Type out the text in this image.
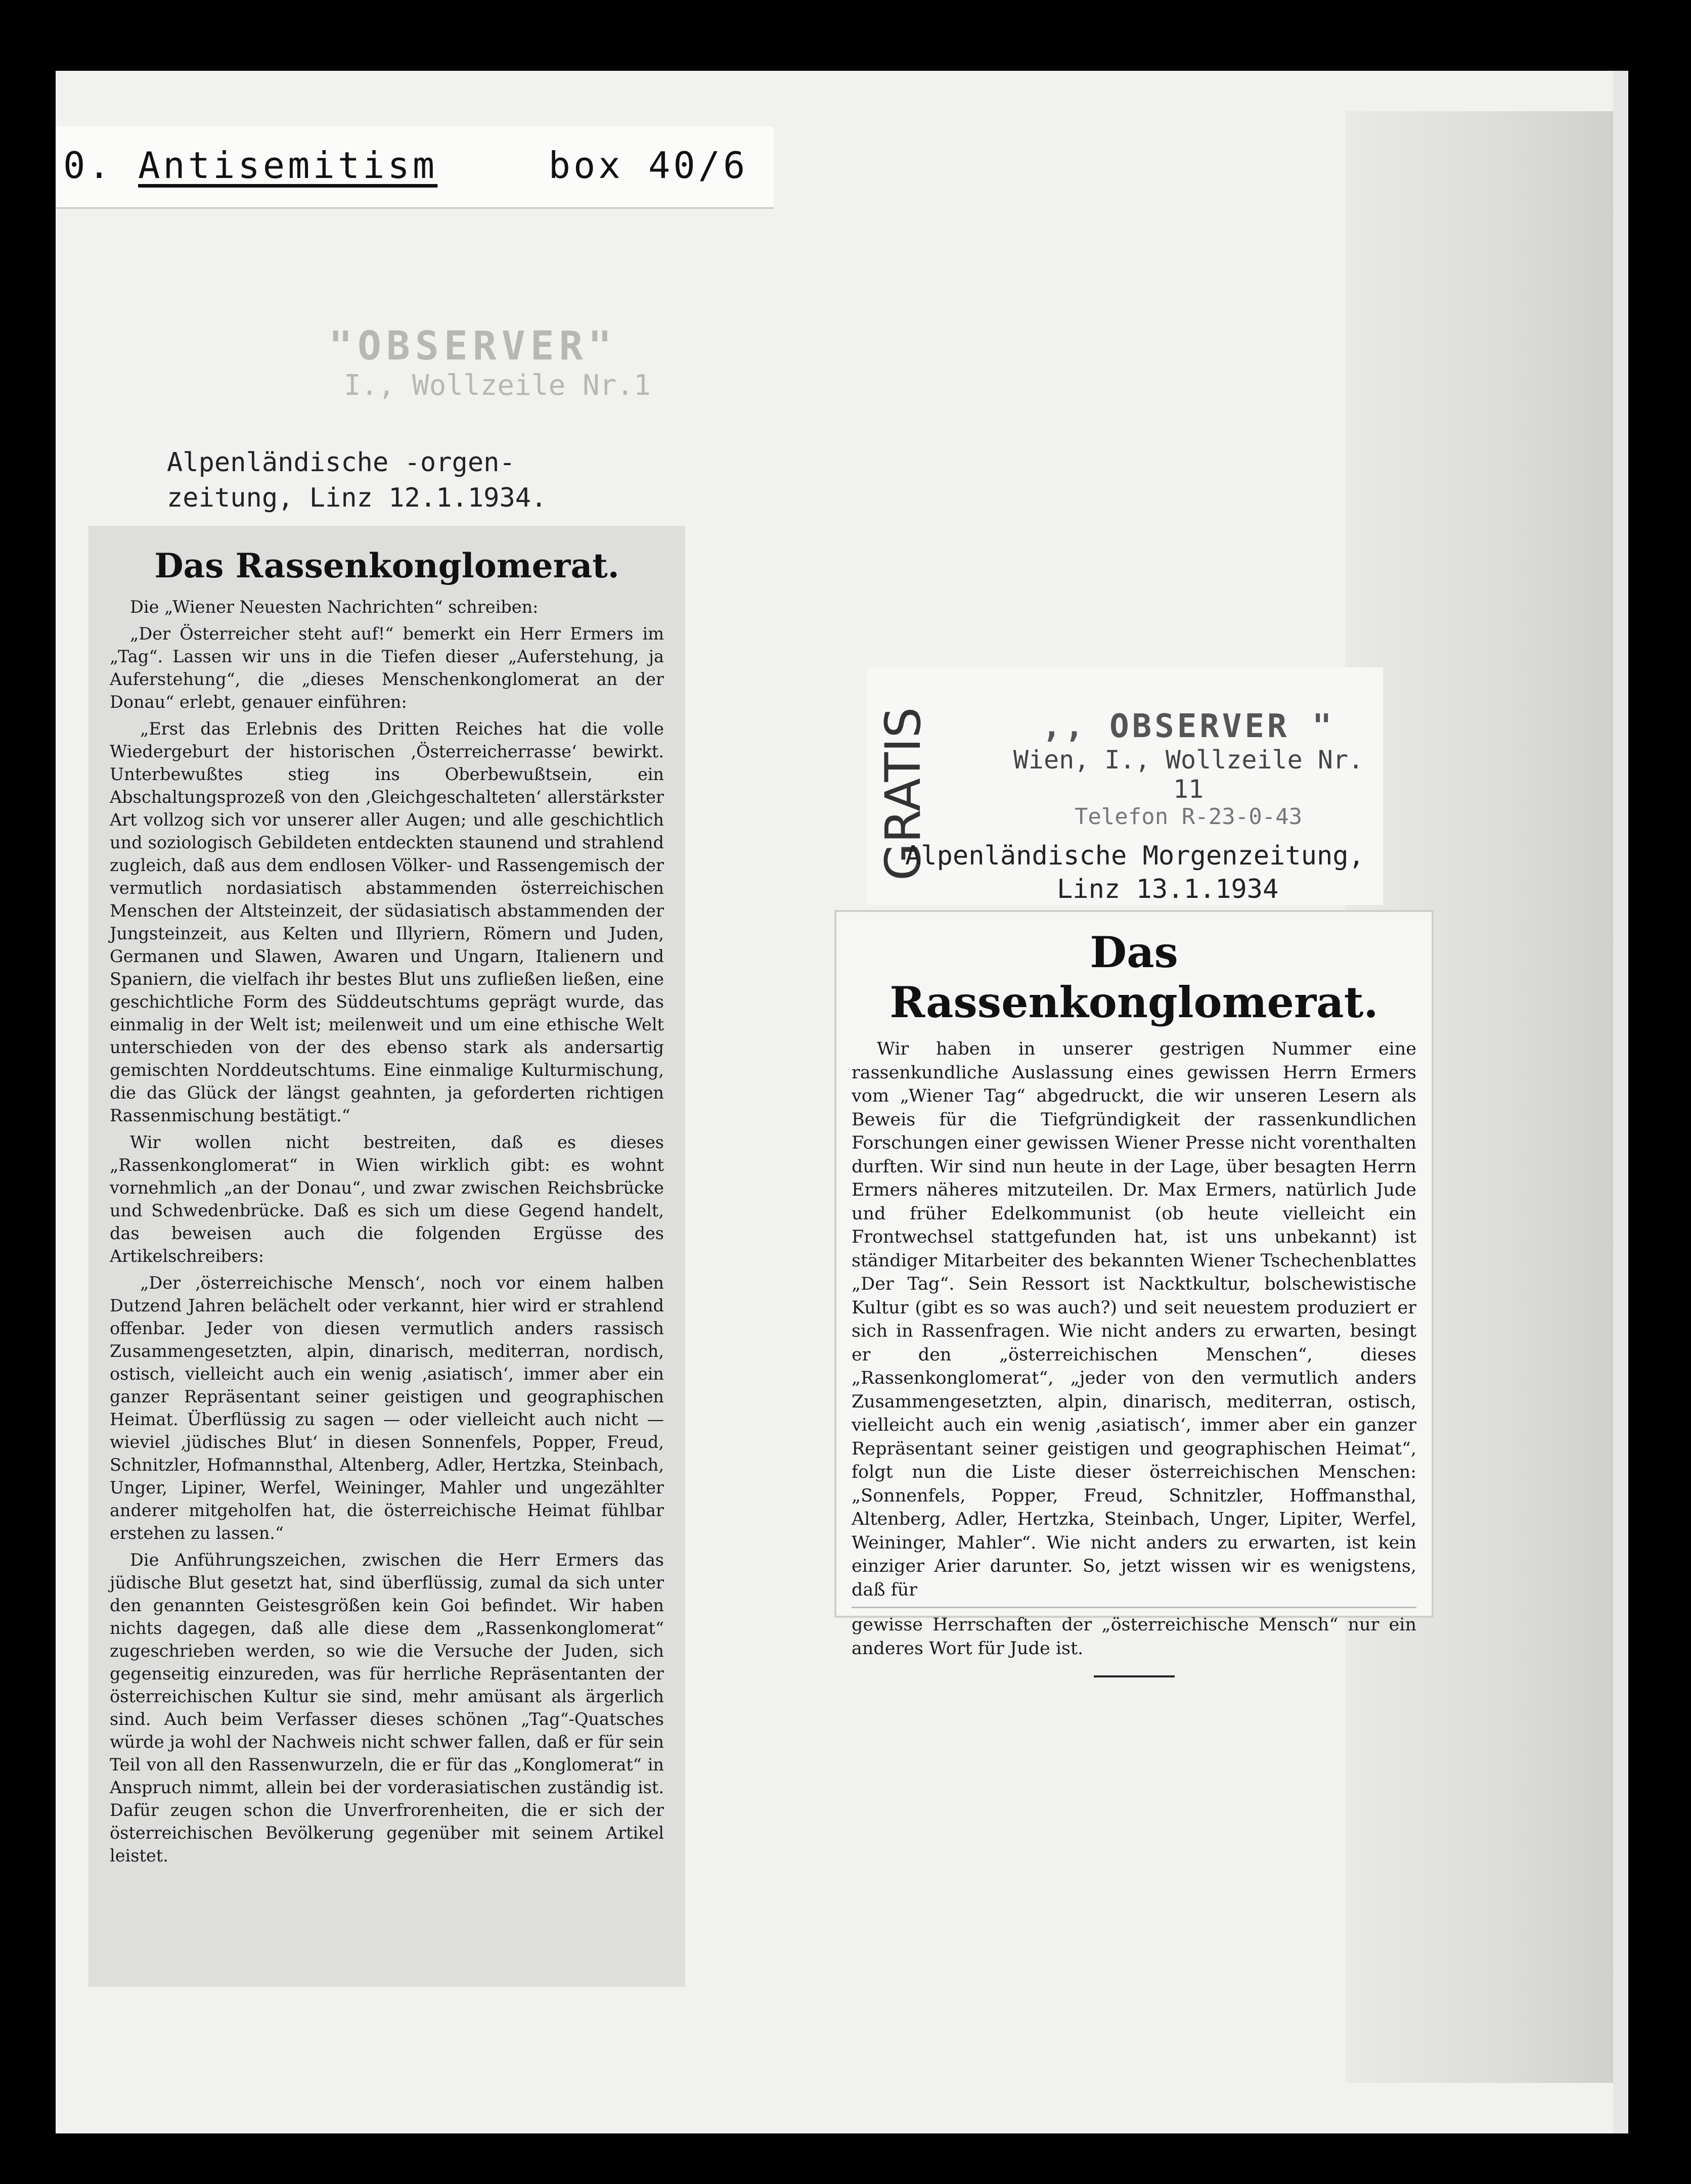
0. Antisemitism	box 40/6
"OBSERVER"
I., Wollzeile Nr.1
Alpenländische -orgen-
zeitung, Linz 12.1.1934.
Das Rassenkonglomerat.

Die „Wiener Neuesten Nachrichten“ schreiben:

„Der Österreicher steht auf!“ bemerkt ein Herr Ermers im „Tag“. Lassen wir uns in die Tiefen dieser „Auferstehung, ja Auferstehung“, die „dieses Menschenkonglomerat an der Donau“ erlebt, genauer einführen:

„Erst das Erlebnis des Dritten Reiches hat die volle Wiedergeburt der historischen ‚Österreicherrasse‘ bewirkt. Unterbewußtes stieg ins Oberbewußtsein, ein Abschaltungsprozeß von den ‚Gleichgeschalteten‘ allerstärkster Art vollzog sich vor unserer aller Augen; und alle geschichtlich und soziologisch Gebildeten entdeckten staunend und strahlend zugleich, daß aus dem endlosen Völker- und Rassengemisch der vermutlich nordasiatisch abstammenden österreichischen Menschen der Altsteinzeit, der südasiatisch abstammenden der Jungsteinzeit, aus Kelten und Illyriern, Römern und Juden, Germanen und Slawen, Awaren und Ungarn, Italienern und Spaniern, die vielfach ihr bestes Blut uns zufließen ließen, eine geschichtliche Form des Süddeutschtums geprägt wurde, das einmalig in der Welt ist; meilenweit und um eine ethische Welt unterschieden von der des ebenso stark als andersartig gemischten Norddeutschtums. Eine einmalige Kulturmischung, die das Glück der längst geahnten, ja geforderten richtigen Rassenmischung bestätigt.“

Wir wollen nicht bestreiten, daß es dieses „Rassenkonglomerat“ in Wien wirklich gibt: es wohnt vornehmlich „an der Donau“, und zwar zwischen Reichsbrücke und Schwedenbrücke. Daß es sich um diese Gegend handelt, das beweisen auch die folgenden Ergüsse des Artikelschreibers:

„Der ‚österreichische Mensch‘, noch vor einem halben Dutzend Jahren belächelt oder verkannt, hier wird er strahlend offenbar. Jeder von diesen vermutlich anders rassisch Zusammengesetzten, alpin, dinarisch, mediterran, nordisch, ostisch, vielleicht auch ein wenig ‚asiatisch‘, immer aber ein ganzer Repräsentant seiner geistigen und geographischen Heimat. Überflüssig zu sagen — oder vielleicht auch nicht — wieviel ‚jüdisches Blut‘ in diesen Sonnenfels, Popper, Freud, Schnitzler, Hofmannsthal, Altenberg, Adler, Hertzka, Steinbach, Unger, Lipiner, Werfel, Weininger, Mahler und ungezählter anderer mitgeholfen hat, die österreichische Heimat fühlbar erstehen zu lassen.“

Die Anführungszeichen, zwischen die Herr Ermers das jüdische Blut gesetzt hat, sind überflüssig, zumal da sich unter den genannten Geistesgrößen kein Goi befindet. Wir haben nichts dagegen, daß alle diese dem „Rassenkonglomerat“ zugeschrieben werden, so wie die Versuche der Juden, sich gegenseitig einzureden, was für herrliche Repräsentanten der österreichischen Kultur sie sind, mehr amüsant als ärgerlich sind. Auch beim Verfasser dieses schönen „Tag“-Quatsches würde ja wohl der Nachweis nicht schwer fallen, daß er für sein Teil von all den Rassenwurzeln, die er für das „Konglomerat“ in Anspruch nimmt, allein bei der vorderasiatischen zuständig ist. Dafür zeugen schon die Unverfrorenheiten, die er sich der österreichischen Bevölkerung gegenüber mit seinem Artikel leistet.

GRATIS	,, OBSERVER "
Wien, I., Wollzeile Nr. 11
Telefon R-23-0-43
Alpenländische Morgenzeitung,
Linz 13.1.1934
Das Rassenkonglomerat.

Wir haben in unserer gestrigen Nummer eine rassenkundliche Auslassung eines gewissen Herrn Ermers vom „Wiener Tag“ abgedruckt, die wir unseren Lesern als Beweis für die Tiefgründigkeit der rassenkundlichen Forschungen einer gewissen Wiener Presse nicht vorenthalten durften. Wir sind nun heute in der Lage, über besagten Herrn Ermers näheres mitzuteilen. Dr. Max Ermers, natürlich Jude und früher Edelkommunist (ob heute vielleicht ein Frontwechsel stattgefunden hat, ist uns unbekannt) ist ständiger Mitarbeiter des bekannten Wiener Tschechenblattes „Der Tag“. Sein Ressort ist Nacktkultur, bolschewistische Kultur (gibt es so was auch?) und seit neuestem produziert er sich in Rassenfragen. Wie nicht anders zu erwarten, besingt er den „österreichischen Menschen“, dieses „Rassenkonglomerat“, „jeder von den vermutlich anders Zusammengesetzten, alpin, dinarisch, mediterran, ostisch, vielleicht auch ein wenig ‚asiatisch‘, immer aber ein ganzer Repräsentant seiner geistigen und geographischen Heimat“, folgt nun die Liste dieser österreichischen Menschen: „Sonnenfels, Popper, Freud, Schnitzler, Hoffmansthal, Altenberg, Adler, Hertzka, Steinbach, Unger, Lipiter, Werfel, Weininger, Mahler“. Wie nicht anders zu erwarten, ist kein einziger Arier darunter. So, jetzt wissen wir es wenigstens, daß für

gewisse Herrschaften der „österreichische Mensch“ nur ein anderes Wort für Jude ist.
